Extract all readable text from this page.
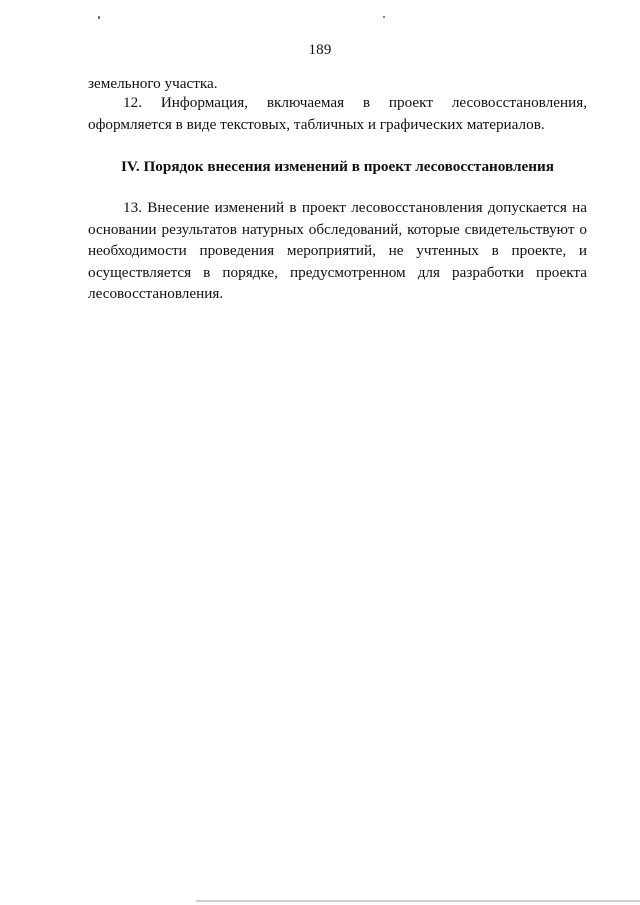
189
земельного участка.
12. Информация, включаемая в проект лесовосстановления, оформляется в виде текстовых, табличных и графических материалов.
IV. Порядок внесения изменений в проект лесовосстановления
13. Внесение изменений в проект лесовосстановления допускается на основании результатов натурных обследований, которые свидетельствуют о необходимости проведения мероприятий, не учтенных в проекте, и осуществляется в порядке, предусмотренном для разработки проекта лесовосстановления.
